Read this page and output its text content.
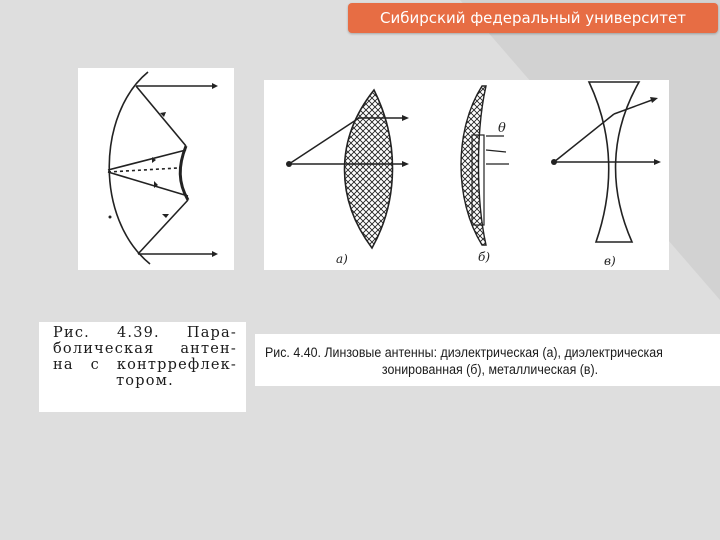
Сибирский федеральный университет
θ
а)	б)	в)
Рис. 4.39. Пара-
болическая антен-
на с контррефлек-
тором.
Рис. 4.40. Линзовые антенны: диэлектрическая (а), диэлектрическая
зонированная (б), металлическая (в).
